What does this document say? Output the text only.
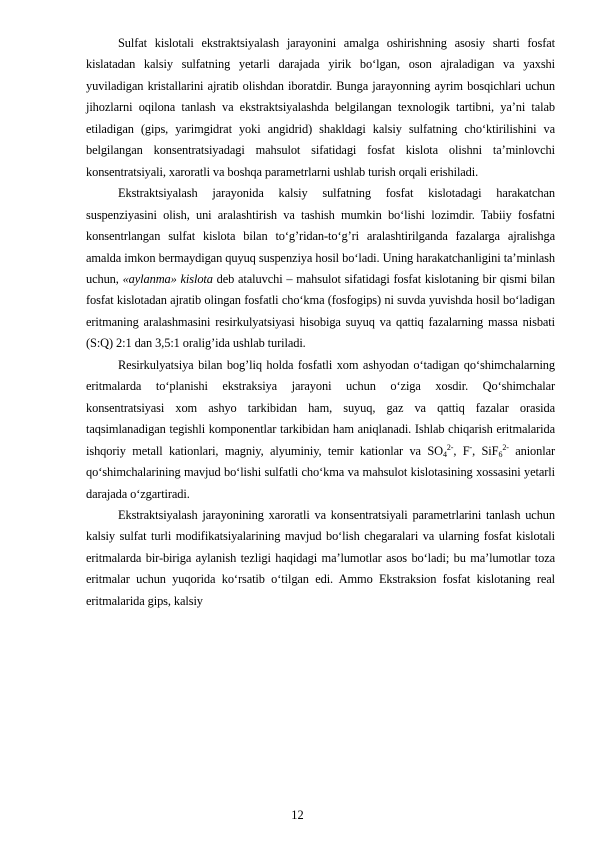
Sulfat kislotali ekstraktsiyalash jarayonini amalga oshirishning asosiy sharti fosfat kislatadan kalsiy sulfatning yetarli darajada yirik bo‘lgan, oson ajraladigan va yaxshi yuviladigan kristallarini ajratib olishdan iboratdir. Bunga jarayonning ayrim bosqichlari uchun jihozlarni oqilona tanlash va ekstraktsiyalashda belgilangan texnologik tartibni, ya’ni talab etiladigan (gips, yarimgidrat yoki angidrid) shakldagi kalsiy sulfatning cho‘ktirilishini va belgilangan konsentratsiyadagi mahsulot sifatidagi fosfat kislota olishni ta’minlovchi konsentratsiyali, xaroratli va boshqa parametrlarni ushlab turish orqali erishiladi.

Ekstraktsiyalash jarayonida kalsiy sulfatning fosfat kislotadagi harakatchan suspenziyasini olish, uni aralashtirish va tashish mumkin bo‘lishi lozimdir. Tabiiy fosfatni konsentrlangan sulfat kislota bilan to‘g’ridan-to‘g’ri aralashtirilganda fazalarga ajralishga amalda imkon bermaydigan quyuq suspenziya hosil bo‘ladi. Uning harakatchanligini ta’minlash uchun, «aylanma» kislota deb ataluvchi – mahsulot sifatidagi fosfat kislotaning bir qismi bilan fosfat kislotadan ajratib olingan fosfatli cho‘kma (fosfogips) ni suvda yuvishda hosil bo‘ladigan eritmaning aralashmasini resirkulyatsiyasi hisobiga suyuq va qattiq fazalarning massa nisbati (S:Q) 2:1 dan 3,5:1 oralig’ida ushlab turiladi.

Resirkulyatsiya bilan bog’liq holda fosfatli xom ashyodan o‘tadigan qo‘shimchalarning eritmalarda to‘planishi ekstraksiya jarayoni uchun o‘ziga xosdir. Qo‘shimchalar konsentratsiyasi xom ashyo tarkibidan ham, suyuq, gaz va qattiq fazalar orasida taqsimlanadigan tegishli komponentlar tarkibidan ham aniqlanadi. Ishlab chiqarish eritmalarida ishqoriy metall kationlari, magniy, alyuminiy, temir kationlar va $SO_4^{2-}$, F-, SiF$_6^{2-}$ anionlar qo‘shimchalarining mavjud bo‘lishi sulfatli cho‘kma va mahsulot kislotasining xossasini yetarli darajada o‘zgartiradi.

Ekstraktsiyalash jarayonining xaroratli va konsentratsiyali parametrlarini tanlash uchun kalsiy sulfat turli modifikatsiyalarining mavjud bo‘lish chegaralari va ularning fosfat kislotali eritmalarda bir-biriga aylanish tezligi haqidagi ma’lumotlar asos bo‘ladi; bu ma’lumotlar toza eritmalar uchun yuqorida ko‘rsatib o‘tilgan edi. Ammo Ekstraksion fosfat kislotaning real eritmalarida gips, kalsiy

12
